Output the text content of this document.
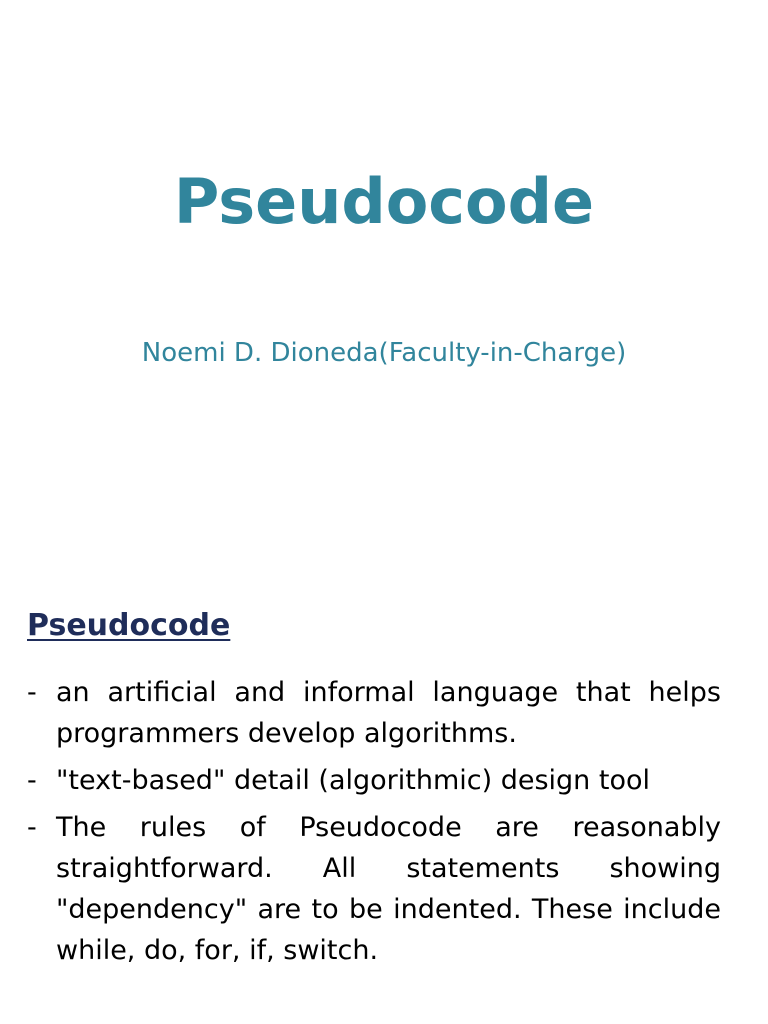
Pseudocode

Noemi D. Dioneda(Faculty-in-Charge)

Pseudocode
- an artificial and informal language that helps programmers develop algorithms.
- "text-based" detail (algorithmic) design tool
- The rules of Pseudocode are reasonably straightforward. All statements showing "dependency" are to be indented. These include while, do, for, if, switch.
